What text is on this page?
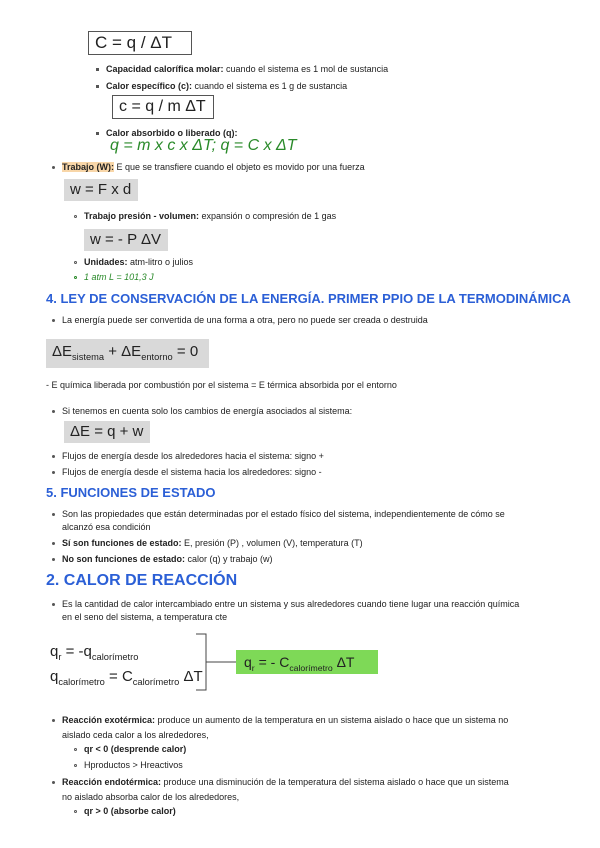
C = q / ΔT
Capacidad calorífica molar: cuando el sistema es 1 mol de sustancia
Calor específico (c): cuando el sistema es 1 g de sustancia
c = q / m ΔT
Calor absorbido o liberado (q):
q = m x c x ΔT; q = C x ΔT
Trabajo (W): E que se transfiere cuando el objeto es movido por una fuerza
w = F x d
Trabajo presión - volumen: expansión o compresión de 1 gas
w = - P ΔV
Unidades: atm-litro o julios
1 atm L = 101,3 J
4. LEY DE CONSERVACIÓN DE LA ENERGÍA. PRIMER PPIO DE LA TERMODINÁMICA
La energía puede ser convertida de una forma a otra, pero no puede ser creada o destruida
$\Delta E_{sistema} + \Delta E_{entorno} = 0$
- E química liberada por combustión por el sistema = E térmica absorbida por el entorno
Si tenemos en cuenta solo los cambios de energía asociados al sistema:
ΔE = q + w
Flujos de energía desde los alrededores hacia el sistema: signo +
Flujos de energía desde el sistema hacia los alrededores: signo -
5. FUNCIONES DE ESTADO
Son las propiedades que están determinadas por el estado físico del sistema, independientemente de cómo se
alcanzó esa condición
Sí son funciones de estado: E, presión (P) , volumen (V), temperatura (T)
No son funciones de estado: calor (q) y trabajo (w)
2. CALOR DE REACCIÓN
Es la cantidad de calor intercambiado entre un sistema y sus alrededores cuando tiene lugar una reacción química
en el seno del sistema, a temperatura cte
$q_r = -q_{calorímetro}$
$q_{calorímetro} = C_{calorímetro}$ ΔT
$q_r$ = - $C_{calorímetro}$ ΔT
Reacción exotérmica: produce un aumento de la temperatura en un sistema aislado o hace que un sistema no
aislado ceda calor a los alrededores,
qr < 0 (desprende calor)
Hproductos > Hreactivos
Reacción endotérmica: produce una disminución de la temperatura del sistema aislado o hace que un sistema
no aislado absorba calor de los alrededores,
qr > 0 (absorbe calor)
